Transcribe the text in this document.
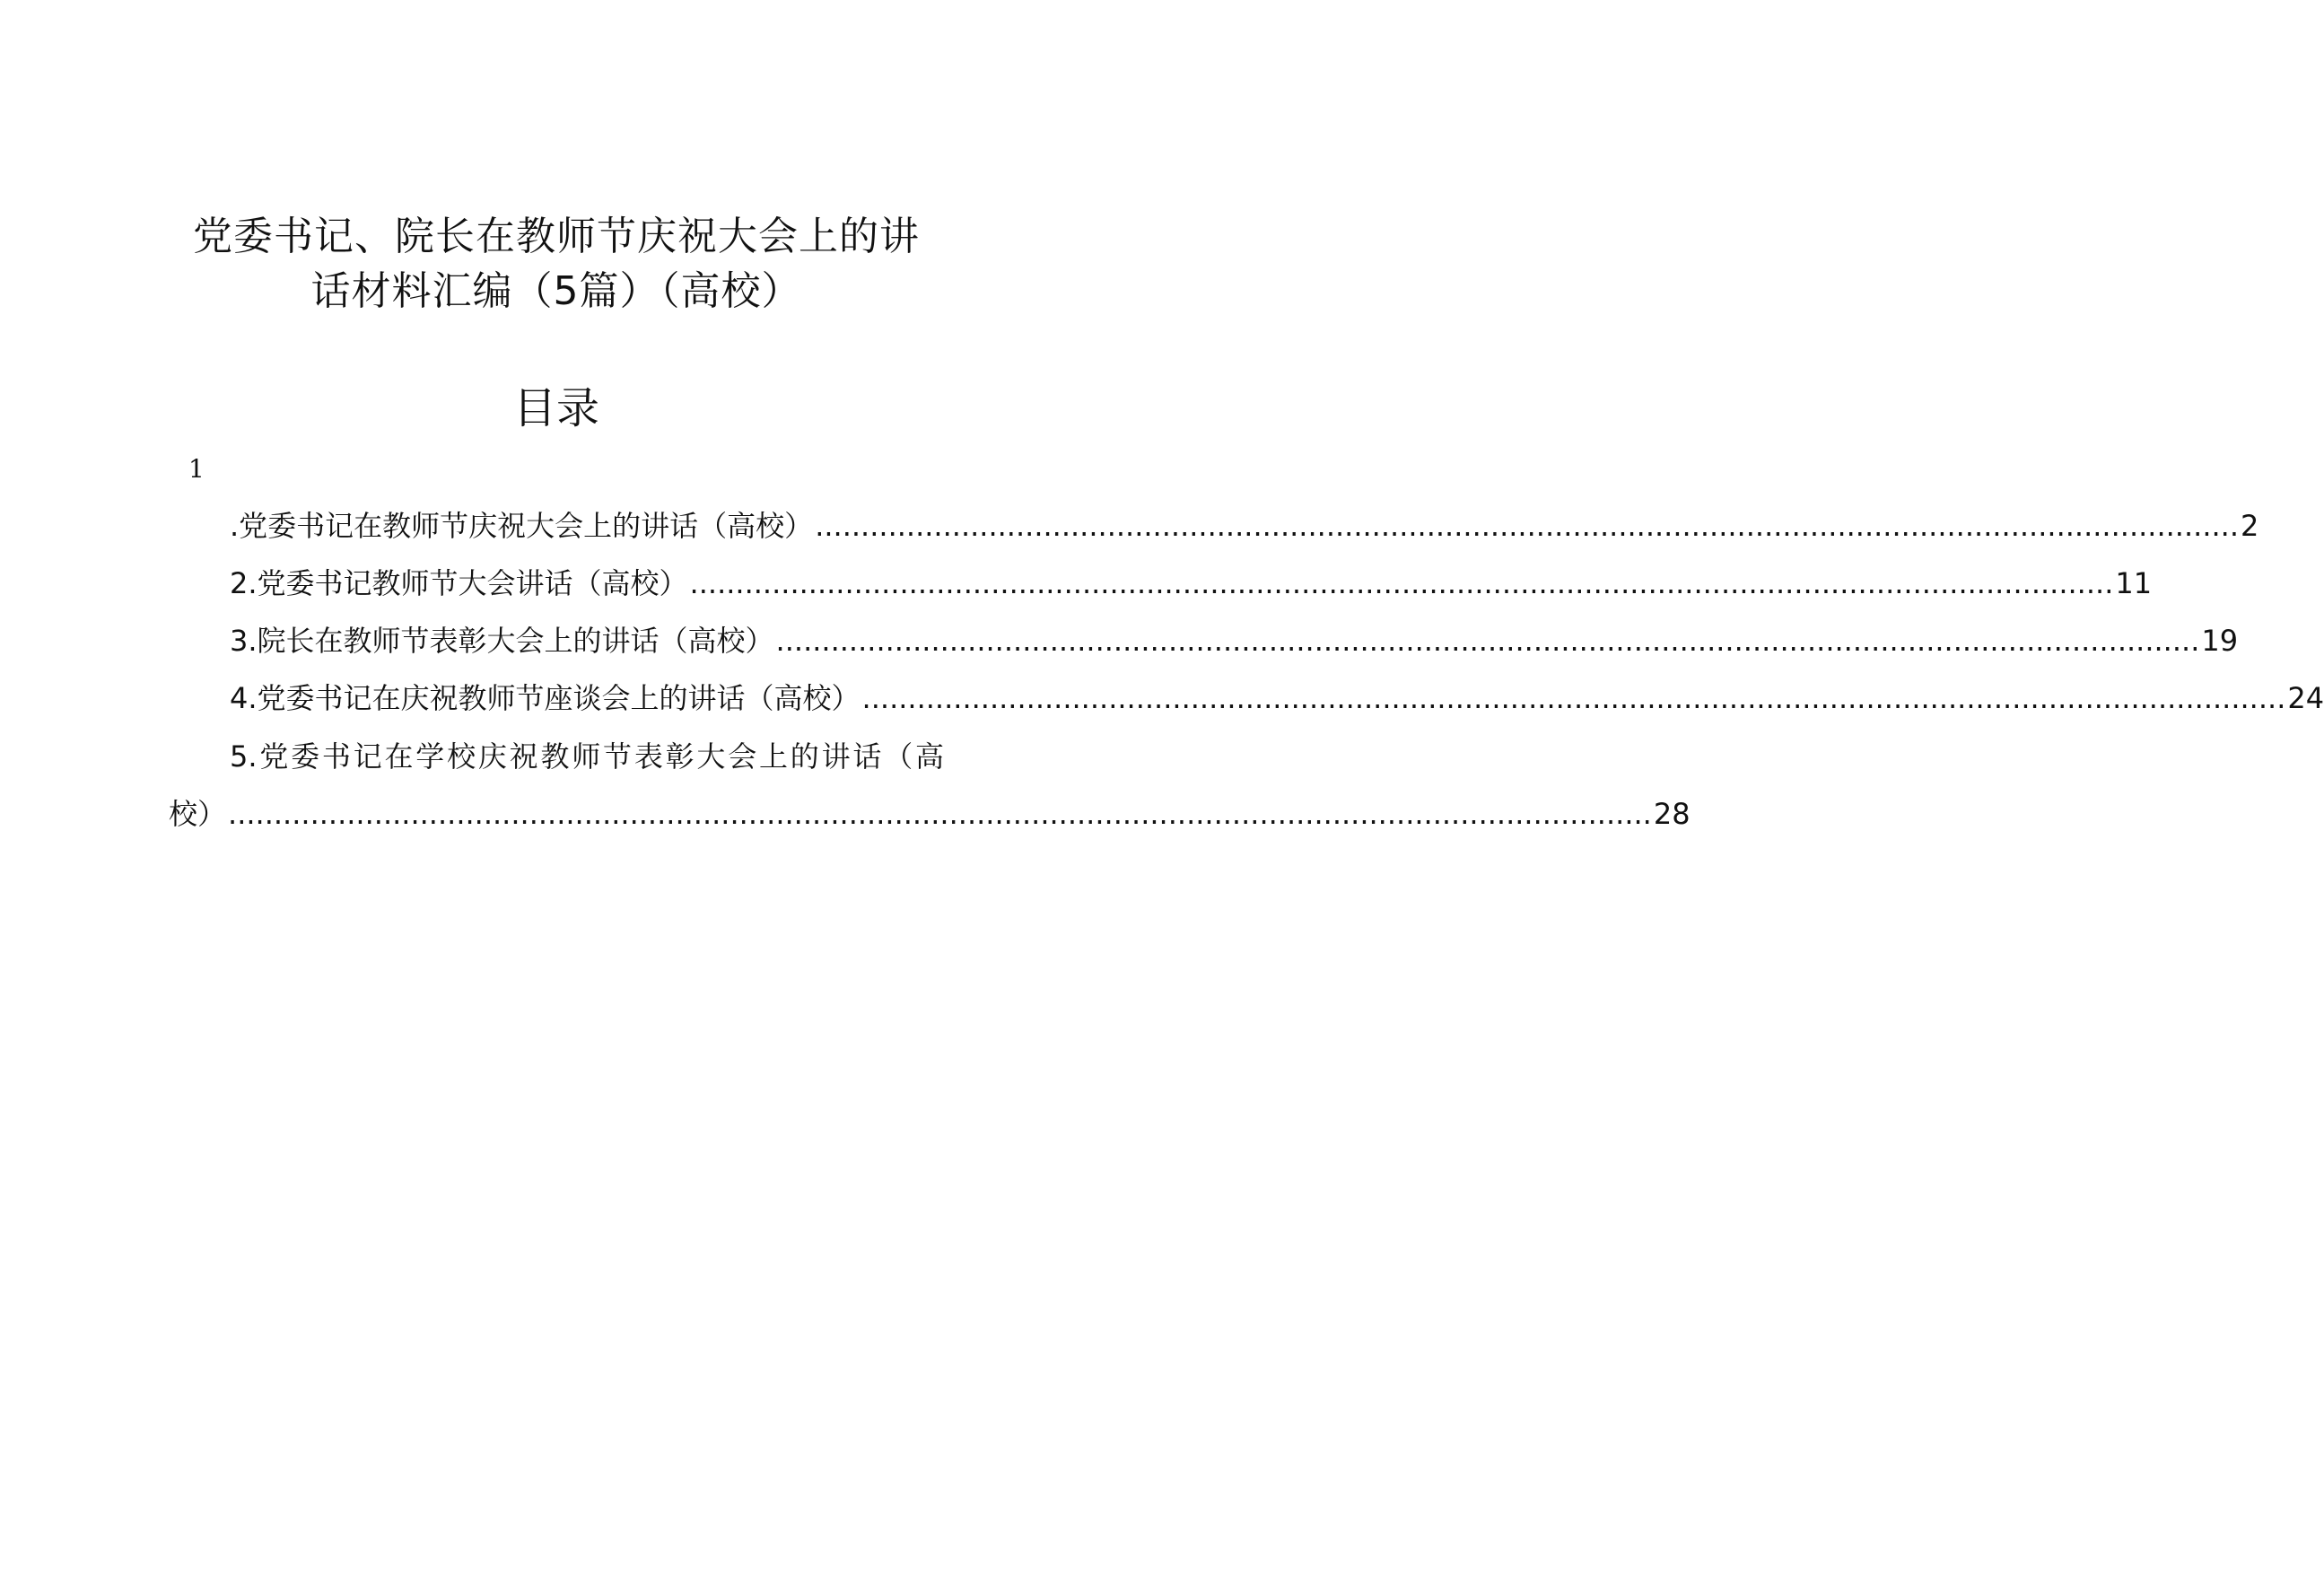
党委书记、院长在教师节庆祝大会上的讲
话材料汇编（5篇）（高校）
目录
1
.党委书记在教师节庆祝大会上的讲话（高校） ............................................................................................................................................................ 2
2.党委书记教师节大会讲话（高校） ............................................................................................................................................................ 11
3.院长在教师节表彰大会上的讲话（高校） ............................................................................................................................................................ 19
4.党委书记在庆祝教师节座谈会上的讲话（高校） ............................................................................................................................................................ 24
5.党委书记在学校庆祝教师节表彰大会上的讲话（高
校） ............................................................................................................................................................ 28
